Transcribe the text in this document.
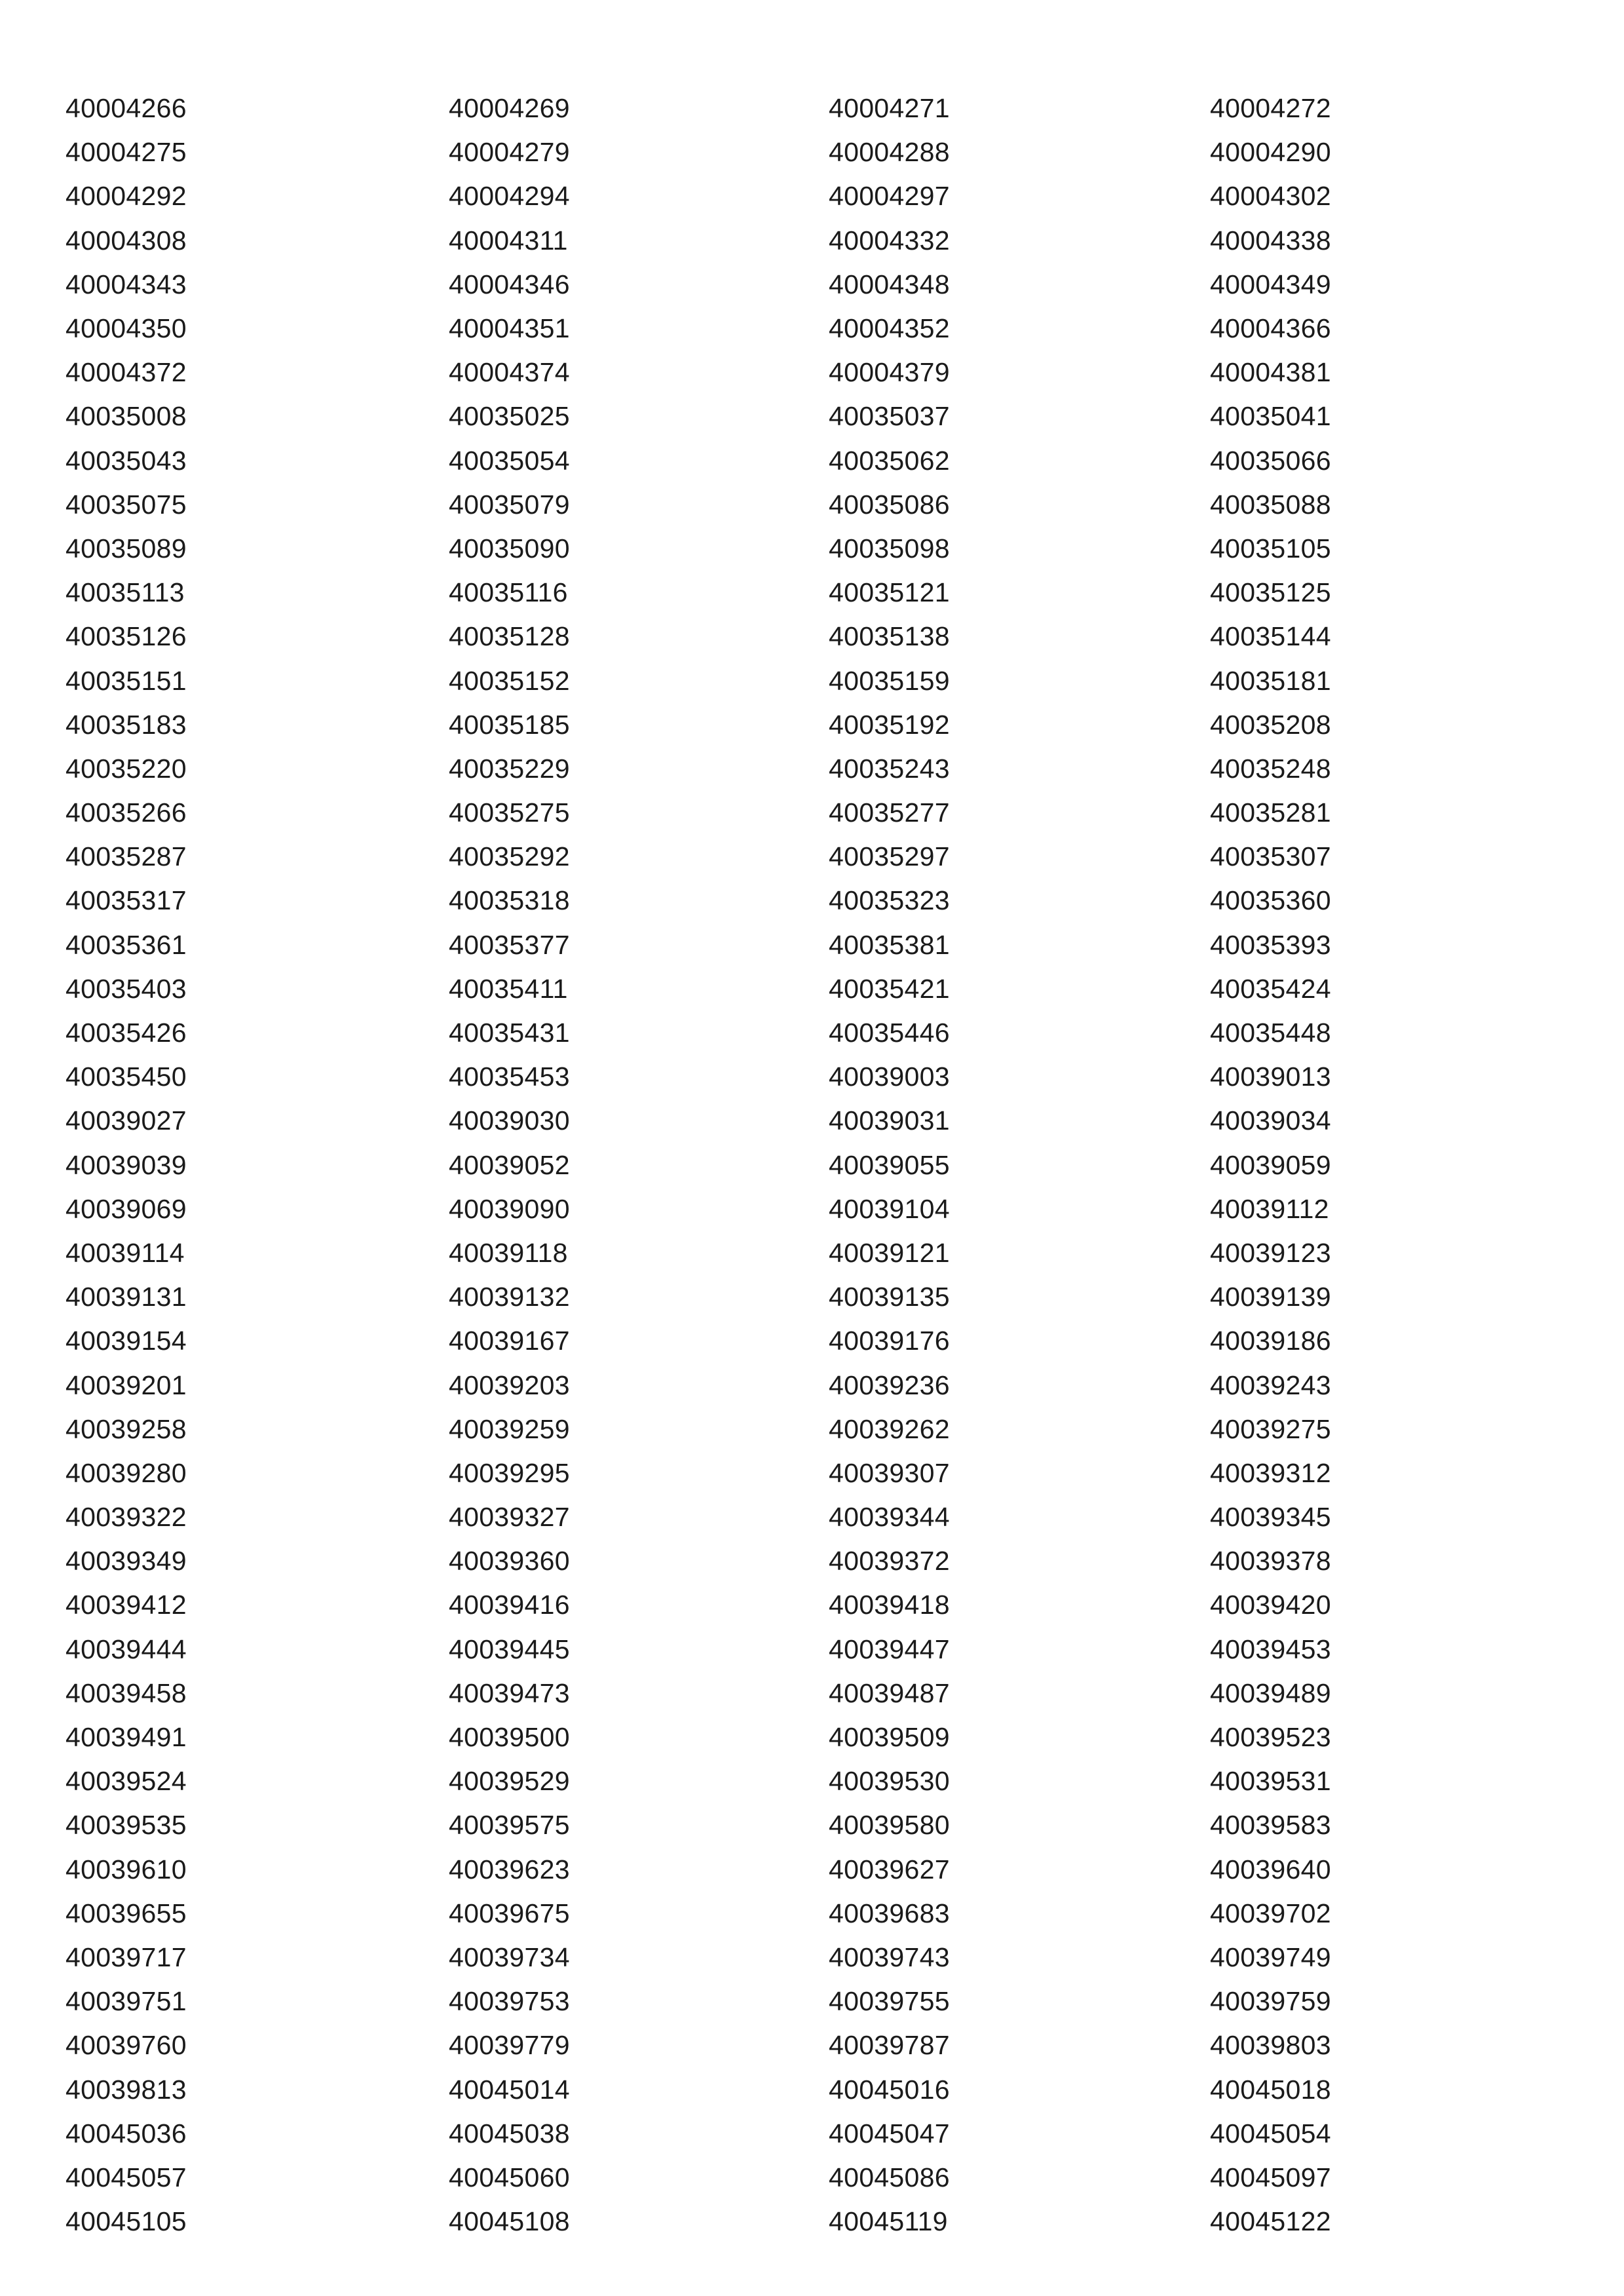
40004266	40004269	40004271	40004272
40004275	40004279	40004288	40004290
40004292	40004294	40004297	40004302
40004308	40004311	40004332	40004338
40004343	40004346	40004348	40004349
40004350	40004351	40004352	40004366
40004372	40004374	40004379	40004381
40035008	40035025	40035037	40035041
40035043	40035054	40035062	40035066
40035075	40035079	40035086	40035088
40035089	40035090	40035098	40035105
40035113	40035116	40035121	40035125
40035126	40035128	40035138	40035144
40035151	40035152	40035159	40035181
40035183	40035185	40035192	40035208
40035220	40035229	40035243	40035248
40035266	40035275	40035277	40035281
40035287	40035292	40035297	40035307
40035317	40035318	40035323	40035360
40035361	40035377	40035381	40035393
40035403	40035411	40035421	40035424
40035426	40035431	40035446	40035448
40035450	40035453	40039003	40039013
40039027	40039030	40039031	40039034
40039039	40039052	40039055	40039059
40039069	40039090	40039104	40039112
40039114	40039118	40039121	40039123
40039131	40039132	40039135	40039139
40039154	40039167	40039176	40039186
40039201	40039203	40039236	40039243
40039258	40039259	40039262	40039275
40039280	40039295	40039307	40039312
40039322	40039327	40039344	40039345
40039349	40039360	40039372	40039378
40039412	40039416	40039418	40039420
40039444	40039445	40039447	40039453
40039458	40039473	40039487	40039489
40039491	40039500	40039509	40039523
40039524	40039529	40039530	40039531
40039535	40039575	40039580	40039583
40039610	40039623	40039627	40039640
40039655	40039675	40039683	40039702
40039717	40039734	40039743	40039749
40039751	40039753	40039755	40039759
40039760	40039779	40039787	40039803
40039813	40045014	40045016	40045018
40045036	40045038	40045047	40045054
40045057	40045060	40045086	40045097
40045105	40045108	40045119	40045122
